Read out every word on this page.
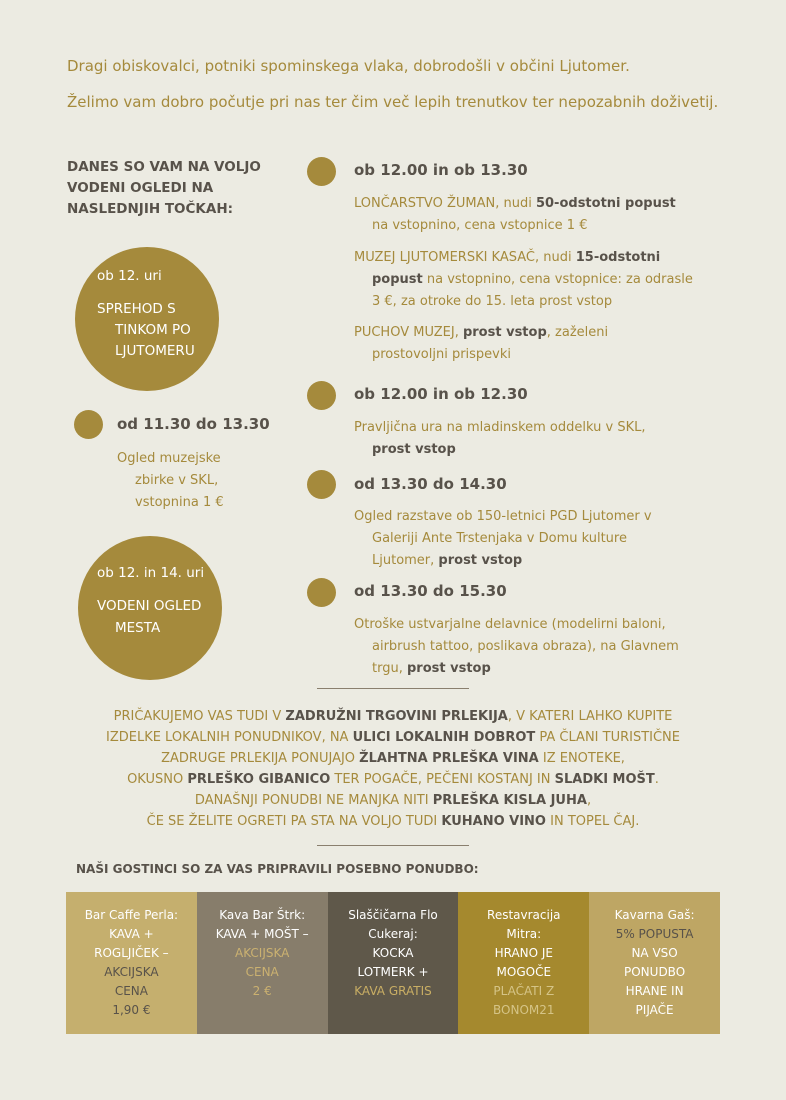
Dragi obiskovalci, potniki spominskega vlaka, dobrodošli v občini Ljutomer.

Želimo vam dobro počutje pri nas ter čim več lepih trenutkov ter nepozabnih doživetij.

DANES SO VAM NA VOLJO VODENI OGLEDI NA NASLEDNJIH TOČKAH:
ob 12. uri
SPREHOD S
TINKOM PO
LJUTOMERU
od 11.30 do 13.30
Ogled muzejske
zbirke v SKL,
vstopnina 1 €
ob 12. in 14. uri
VODENI OGLED
MESTA
ob 12.00 in ob 13.30
LONČARSTVO ŽUMAN, nudi 50-odstotni popust
na vstopnino, cena vstopnice 1 €
MUZEJ LJUTOMERSKI KASAČ, nudi 15-odstotni
popust na vstopnino, cena vstopnice: za odrasle
3 €, za otroke do 15. leta prost vstop
PUCHOV MUZEJ, prost vstop, zaželeni
prostovoljni prispevki
ob 12.00 in ob 12.30
Pravljična ura na mladinskem oddelku v SKL,
prost vstop
od 13.30 do 14.30
Ogled razstave ob 150-letnici PGD Ljutomer v
Galeriji Ante Trstenjaka v Domu kulture
Ljutomer, prost vstop
od 13.30 do 15.30
Otroške ustvarjalne delavnice (modelirni baloni,
airbrush tattoo, poslikava obraza), na Glavnem
trgu, prost vstop
PRIČAKUJEMO VAS TUDI V ZADRUŽNI TRGOVINI PRLEKIJA, V KATERI LAHKO KUPITE
IZDELKE LOKALNIH PONUDNIKOV, NA ULICI LOKALNIH DOBROT PA ČLANI TURISTIČNE
ZADRUGE PRLEKIJA PONUJAJO ŽLAHTNA PRLEŠKA VINA IZ ENOTEKE,
OKUSNO PRLEŠKO GIBANICO TER POGAČE, PEČENI KOSTANJ IN SLADKI MOŠT.
DANAŠNJI PONUDBI NE MANJKA NITI PRLEŠKA KISLA JUHA,
ČE SE ŽELITE OGRETI PA STA NA VOLJO TUDI KUHANO VINO IN TOPEL ČAJ.
NAŠI GOSTINCI SO ZA VAS PRIPRAVILI POSEBNO PONUDBO:
Bar Caffe Perla:
KAVA +
ROGLJIČEK –
AKCIJSKA
CENA
1,90 €
Kava Bar Štrk:
KAVA + MOŠT –
AKCIJSKA
CENA
2 €
Slaščičarna Flo
Cukeraj:
KOCKA
LOTMERK +
KAVA GRATIS
Restavracija
Mitra:
HRANO JE
MOGOČE
PLAČATI Z
BONOM21
Kavarna Gaš:
5% POPUSTA
NA VSO
PONUDBO
HRANE IN
PIJAČE
